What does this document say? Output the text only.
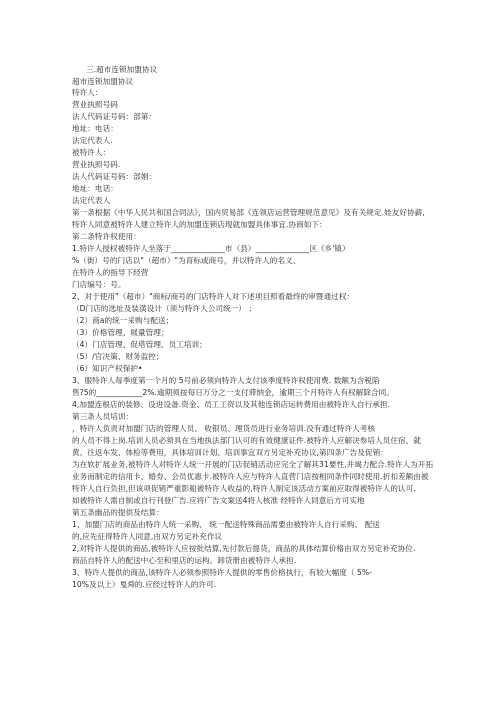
三.超市连锁加盟协议
超市连锁加盟协议
特许人：
营业执照号码
法人代码证号码：部第：
地址：电话：
法定代表人.
被特许人：
营业执照号码.
法人代码证号码：部娟：
地址：电话：
法定代表人
第一条根据《中华人民共和国合同法》，国内贸易部《连领店运营管理规范意见》及有关规定.娃友好协薪,
特许人同意被特许人建立特许人的加盟连锁店现就加盟具体事宜.协商如下：
第二条特许权使用：
1.特许人授权被特许人坐落于______________市（县）______________区《乡'镇）
%（街）号的门店以"（超市）"为育标或商号，并以特许人的名义、
在特许人的指导下经营
门店编号：号。
2、对于使用"（超市）"商标/商号的门店特许人对下述项目照看最终的审暨通过权：
（D门店的选址及装潢设计（须与特许人公司统一） ；
（2）商a的统一采购与配送；
（3）价格管理、屐量管理；
（4）门店管理、促塔管理、员工培训；
（5）/官决策、财务监控；
（6）知识产权保护•
3、服特许人每季度第一个月的 5号前必须向特许人支付该季度特许权使用费. 数额为含税陷
售?5的____________2%.逾期须按每日万分之一支付滞纳金，逾期三个月特许人有权解除合同。
4,加盟连根店的装修、设进设备.资金、员工工资以及其他连锁店运转费用由被特许人自行承担.
第三条人员培训：
，特许人负责对加盟门店的管理人员、 收银员、理货员进行业务培训.没有通过特许人考核
的人员不得上岗.培训人员必须具在当地执法部门认可的有效健康证件.被特许人应解决参培人员住宿、就
黄、往返车发、体检等费用，具体培训计划、培训事宜双方另定补充协议,第四条广告及促销：
为在软扩展业务,被特许人对特许人统一开展的门店促销活动应完全了解其31要性,并竭力配合.特许人为开拓
业务而制定的信用卡、婚券、会员优惠卡.被特许人应与特许人直营门店按相同条件同时使用.折扣差额由被
特许人自行负担,但该项促销严重影船被特许人收益的,特许人制定该活动方案前应取得被特许人的认可.
如被特许人需自制或自行刊登广告.应将广告文案送4将人核准 经特许人同意后方可实地
第五条幽品的提供及结算：
1、加盟门店的商品由特许人统一采购、 统一配送特殊商品需要由被特许人自行采购、 配送
的,应先征得特许人同意,由双方另定补充作议
2,对特许人提供的商品,被特许人应按批结算,先付款后提货，商品的具体结算价格由双方另定补充协位.
商品自特许人的配送中心至和里店的运构、卸货册由被特许人承担.
3、特许人提供的商品,该特许人必须参照特许人提供的零售价格执行，有较大幅度（ 5%-
10%及以上）戛舜的.应经过特许人的许可.
